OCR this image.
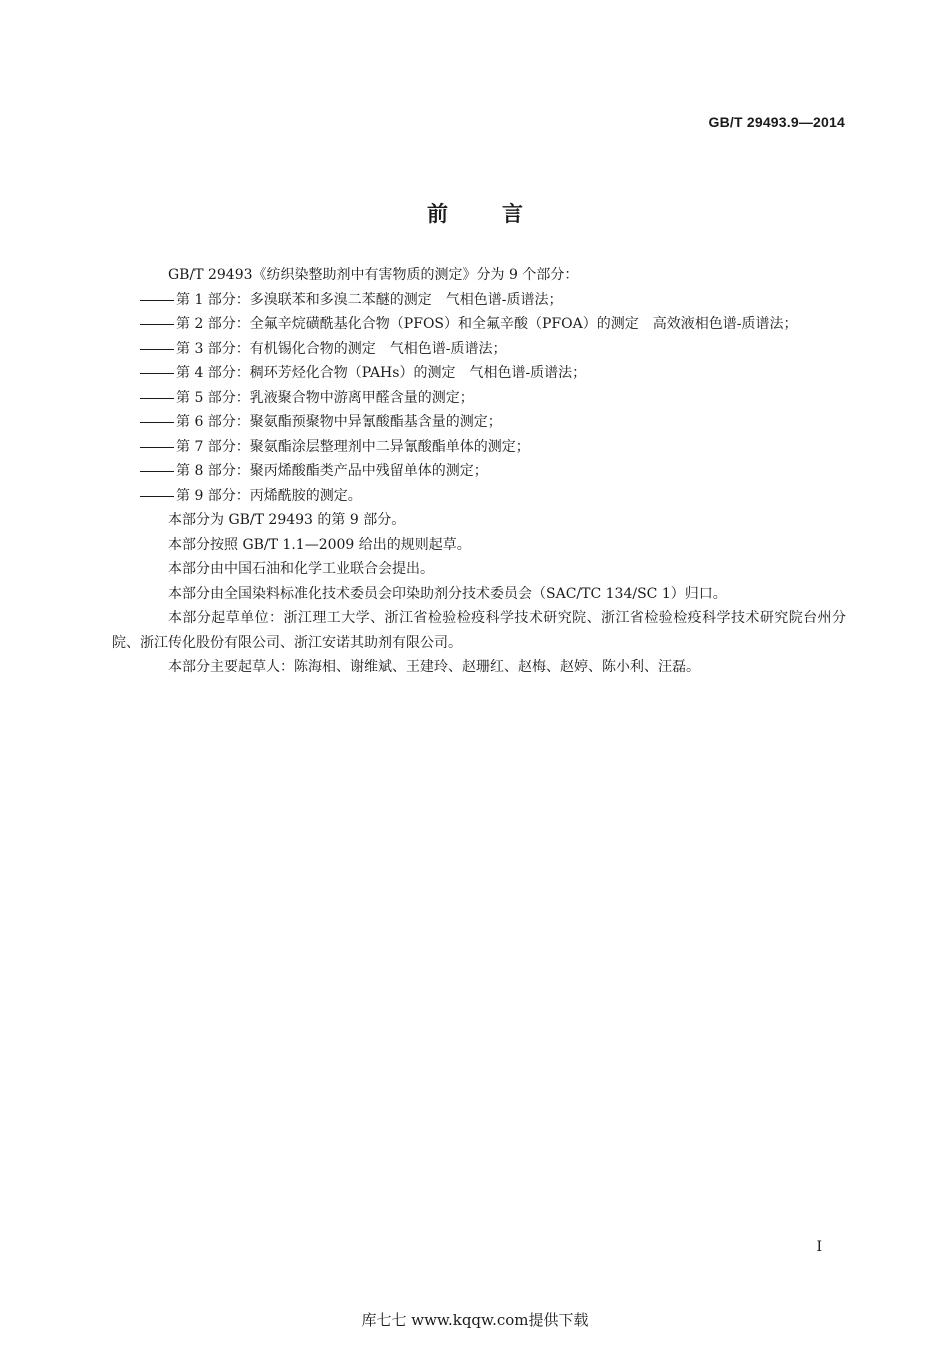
GB/T 29493.9—2014
前言

GB/T 29493《纺织染整助剂中有害物质的测定》分为 9 个部分：

第 1 部分：多溴联苯和多溴二苯醚的测定　气相色谱-质谱法；
第 2 部分：全氟辛烷磺酰基化合物（PFOS）和全氟辛酸（PFOA）的测定　高效液相色谱-质谱法；
第 3 部分：有机锡化合物的测定　气相色谱-质谱法；
第 4 部分：稠环芳烃化合物（PAHs）的测定　气相色谱-质谱法；
第 5 部分：乳液聚合物中游离甲醛含量的测定；
第 6 部分：聚氨酯预聚物中异氰酸酯基含量的测定；
第 7 部分：聚氨酯涂层整理剂中二异氰酸酯单体的测定；
第 8 部分：聚丙烯酸酯类产品中残留单体的测定；
第 9 部分：丙烯酰胺的测定。

本部分为 GB/T 29493 的第 9 部分。

本部分按照 GB/T 1.1—2009 给出的规则起草。

本部分由中国石油和化学工业联合会提出。

本部分由全国染料标准化技术委员会印染助剂分技术委员会（SAC/TC 134/SC 1）归口。

本部分起草单位：浙江理工大学、浙江省检验检疫科学技术研究院、浙江省检验检疫科学技术研究院台州分院、浙江传化股份有限公司、浙江安诺其助剂有限公司。

本部分主要起草人：陈海相、谢维斌、王建玲、赵珊红、赵梅、赵婷、陈小利、汪磊。

I
库七七 www.kqqw.com提供下载
